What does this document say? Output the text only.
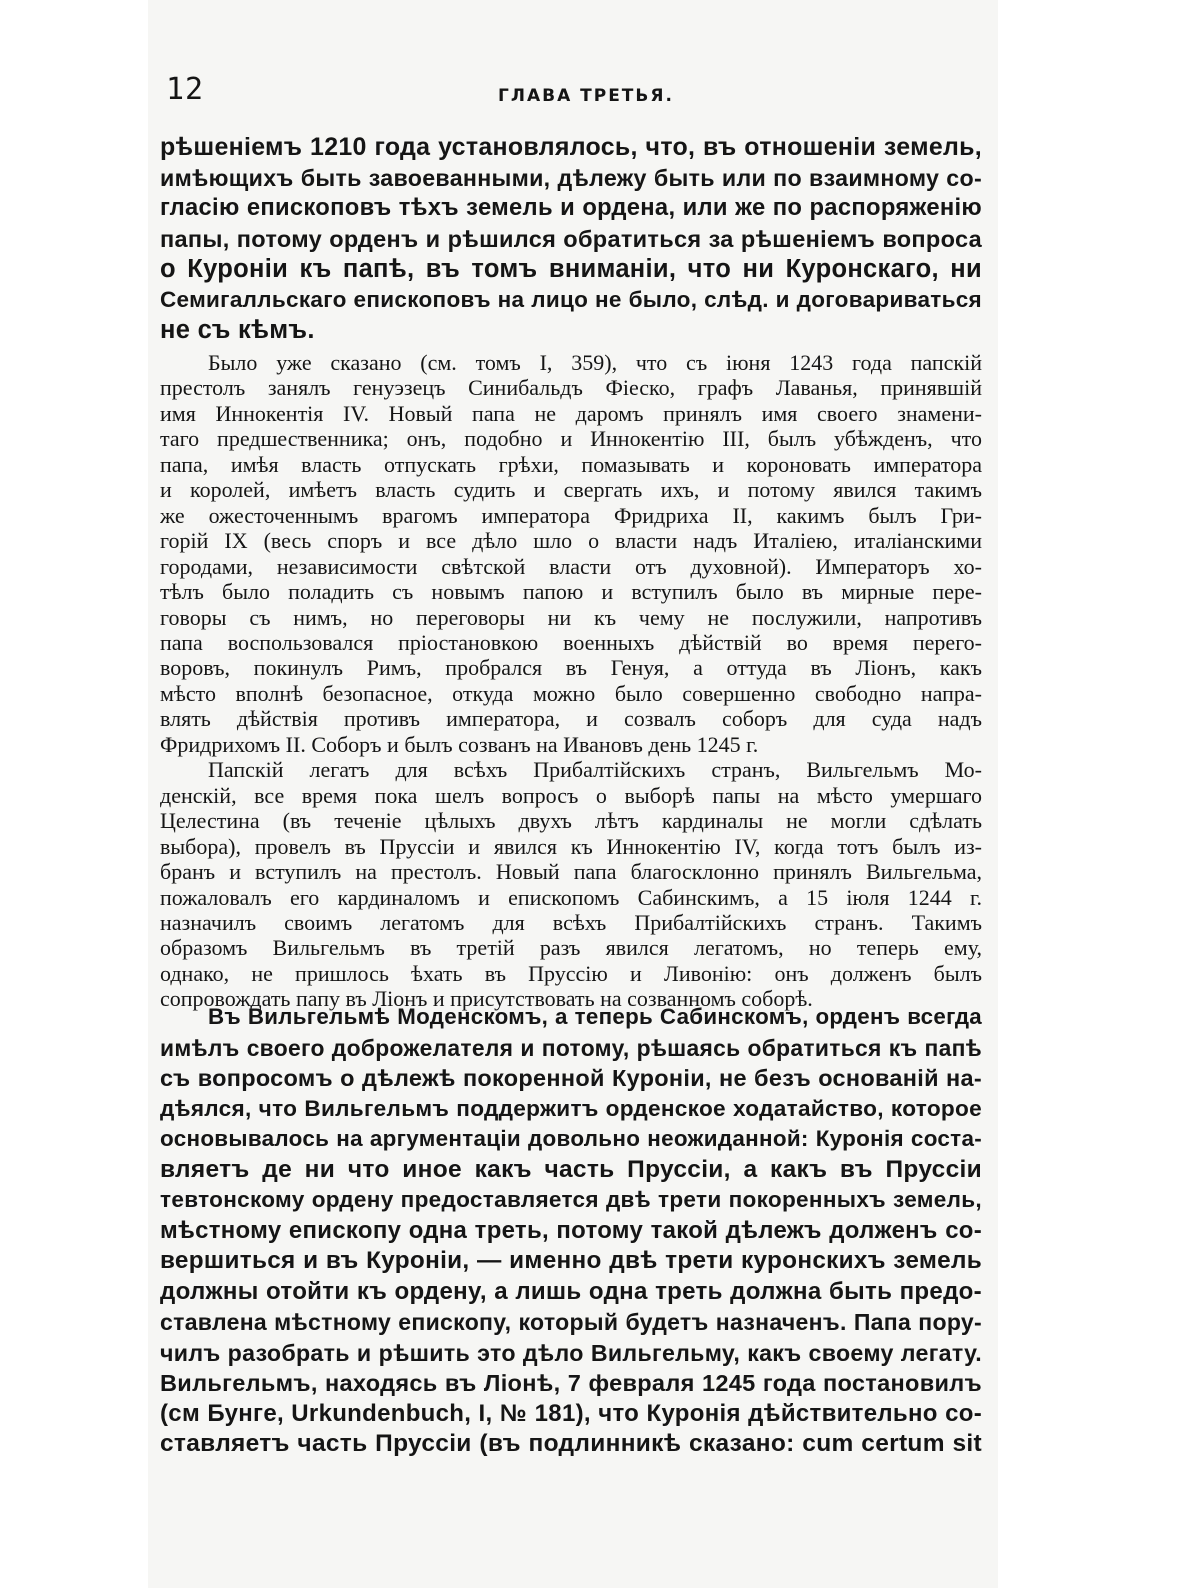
12	ГЛАВА ТРЕТЬЯ.
рѣшеніемъ 1210 года установлялось, что, въ отношеніи земель,
имѣющихъ быть завоеванными, дѣлежу быть или по взаимному со-
гласію епископовъ тѣхъ земель и ордена, или же по распоряженію
папы, потому орденъ и рѣшился обратиться за рѣшеніемъ вопроса
о Куроніи къ папѣ, въ томъ вниманіи, что ни Куронскаго, ни
Семигалльскаго епископовъ на лицо не было, слѣд. и договариваться
не съ кѣмъ.
Было уже сказано (см. томъ I, 359), что съ іюня 1243 года папскій
престолъ занялъ генуэзецъ Синибальдъ Фіеско, графъ Лаванья, принявшій
имя Иннокентія IV. Новый папа не даромъ принялъ имя своего знамени-
таго предшественника; онъ, подобно и Иннокентію III, былъ убѣжденъ, что
папа, имѣя власть отпускать грѣхи, помазывать и короновать императора
и королей, имѣетъ власть судить и свергать ихъ, и потому явился такимъ
же ожесточеннымъ врагомъ императора Фридриха II, какимъ былъ Гри-
горій IX (весь споръ и все дѣло шло о власти надъ Италіею, италіанскими
городами, независимости свѣтской власти отъ духовной). Императоръ хо-
тѣлъ было поладить съ новымъ папою и вступилъ было въ мирные пере-
говоры съ нимъ, но переговоры ни къ чему не послужили, напротивъ
папа воспользовался пріостановкою военныхъ дѣйствій во время перего-
воровъ, покинулъ Римъ, пробрался въ Генуя, а оттуда въ Ліонъ, какъ
мѣсто вполнѣ безопасное, откуда можно было совершенно свободно напра-
влять дѣйствія противъ императора, и созвалъ соборъ для суда надъ
Фридрихомъ II. Соборъ и былъ созванъ на Ивановъ день 1245 г.
Папскій легатъ для всѣхъ Прибалтійскихъ странъ, Вильгельмъ Мо-
денскій, все время пока шелъ вопросъ о выборѣ папы на мѣсто умершаго
Целестина (въ теченіе цѣлыхъ двухъ лѣтъ кардиналы не могли сдѣлать
выбора), провелъ въ Пруссіи и явился къ Иннокентію IV, когда тотъ былъ из-
бранъ и вступилъ на престолъ. Новый папа благосклонно принялъ Вильгельма,
пожаловалъ его кардиналомъ и епископомъ Сабинскимъ, а 15 іюля 1244 г.
назначилъ своимъ легатомъ для всѣхъ Прибалтійскихъ странъ. Такимъ
образомъ Вильгельмъ въ третій разъ явился легатомъ, но теперь ему,
однако, не пришлось ѣхать въ Пруссію и Ливонію: онъ долженъ былъ
сопровождать папу въ Ліонъ и присутствовать на созванномъ соборѣ.
Въ Вильгельмѣ Моденскомъ, а теперь Сабинскомъ, орденъ всегда
имѣлъ своего доброжелателя и потому, рѣшаясь обратиться къ папѣ
съ вопросомъ о дѣлежѣ покоренной Куроніи, не безъ основаній на-
дѣялся, что Вильгельмъ поддержитъ орденское ходатайство, которое
основывалось на аргументаціи довольно неожиданной: Куронія соста-
вляетъ де ни что иное какъ часть Пруссіи, а какъ въ Пруссіи
тевтонскому ордену предоставляется двѣ трети покоренныхъ земель,
мѣстному епископу одна треть, потому такой дѣлежъ долженъ со-
вершиться и въ Куроніи, — именно двѣ трети куронскихъ земель
должны отойти къ ордену, а лишь одна треть должна быть предо-
ставлена мѣстному епископу, который будетъ назначенъ. Папа пору-
чилъ разобрать и рѣшить это дѣло Вильгельму, какъ своему легату.
Вильгельмъ, находясь въ Ліонѣ, 7 февраля 1245 года постановилъ
(см Бунге, Urkundenbuch, I, № 181), что Куронія дѣйствительно со-
ставляетъ часть Пруссіи (въ подлинникѣ сказано: cum certum sit
